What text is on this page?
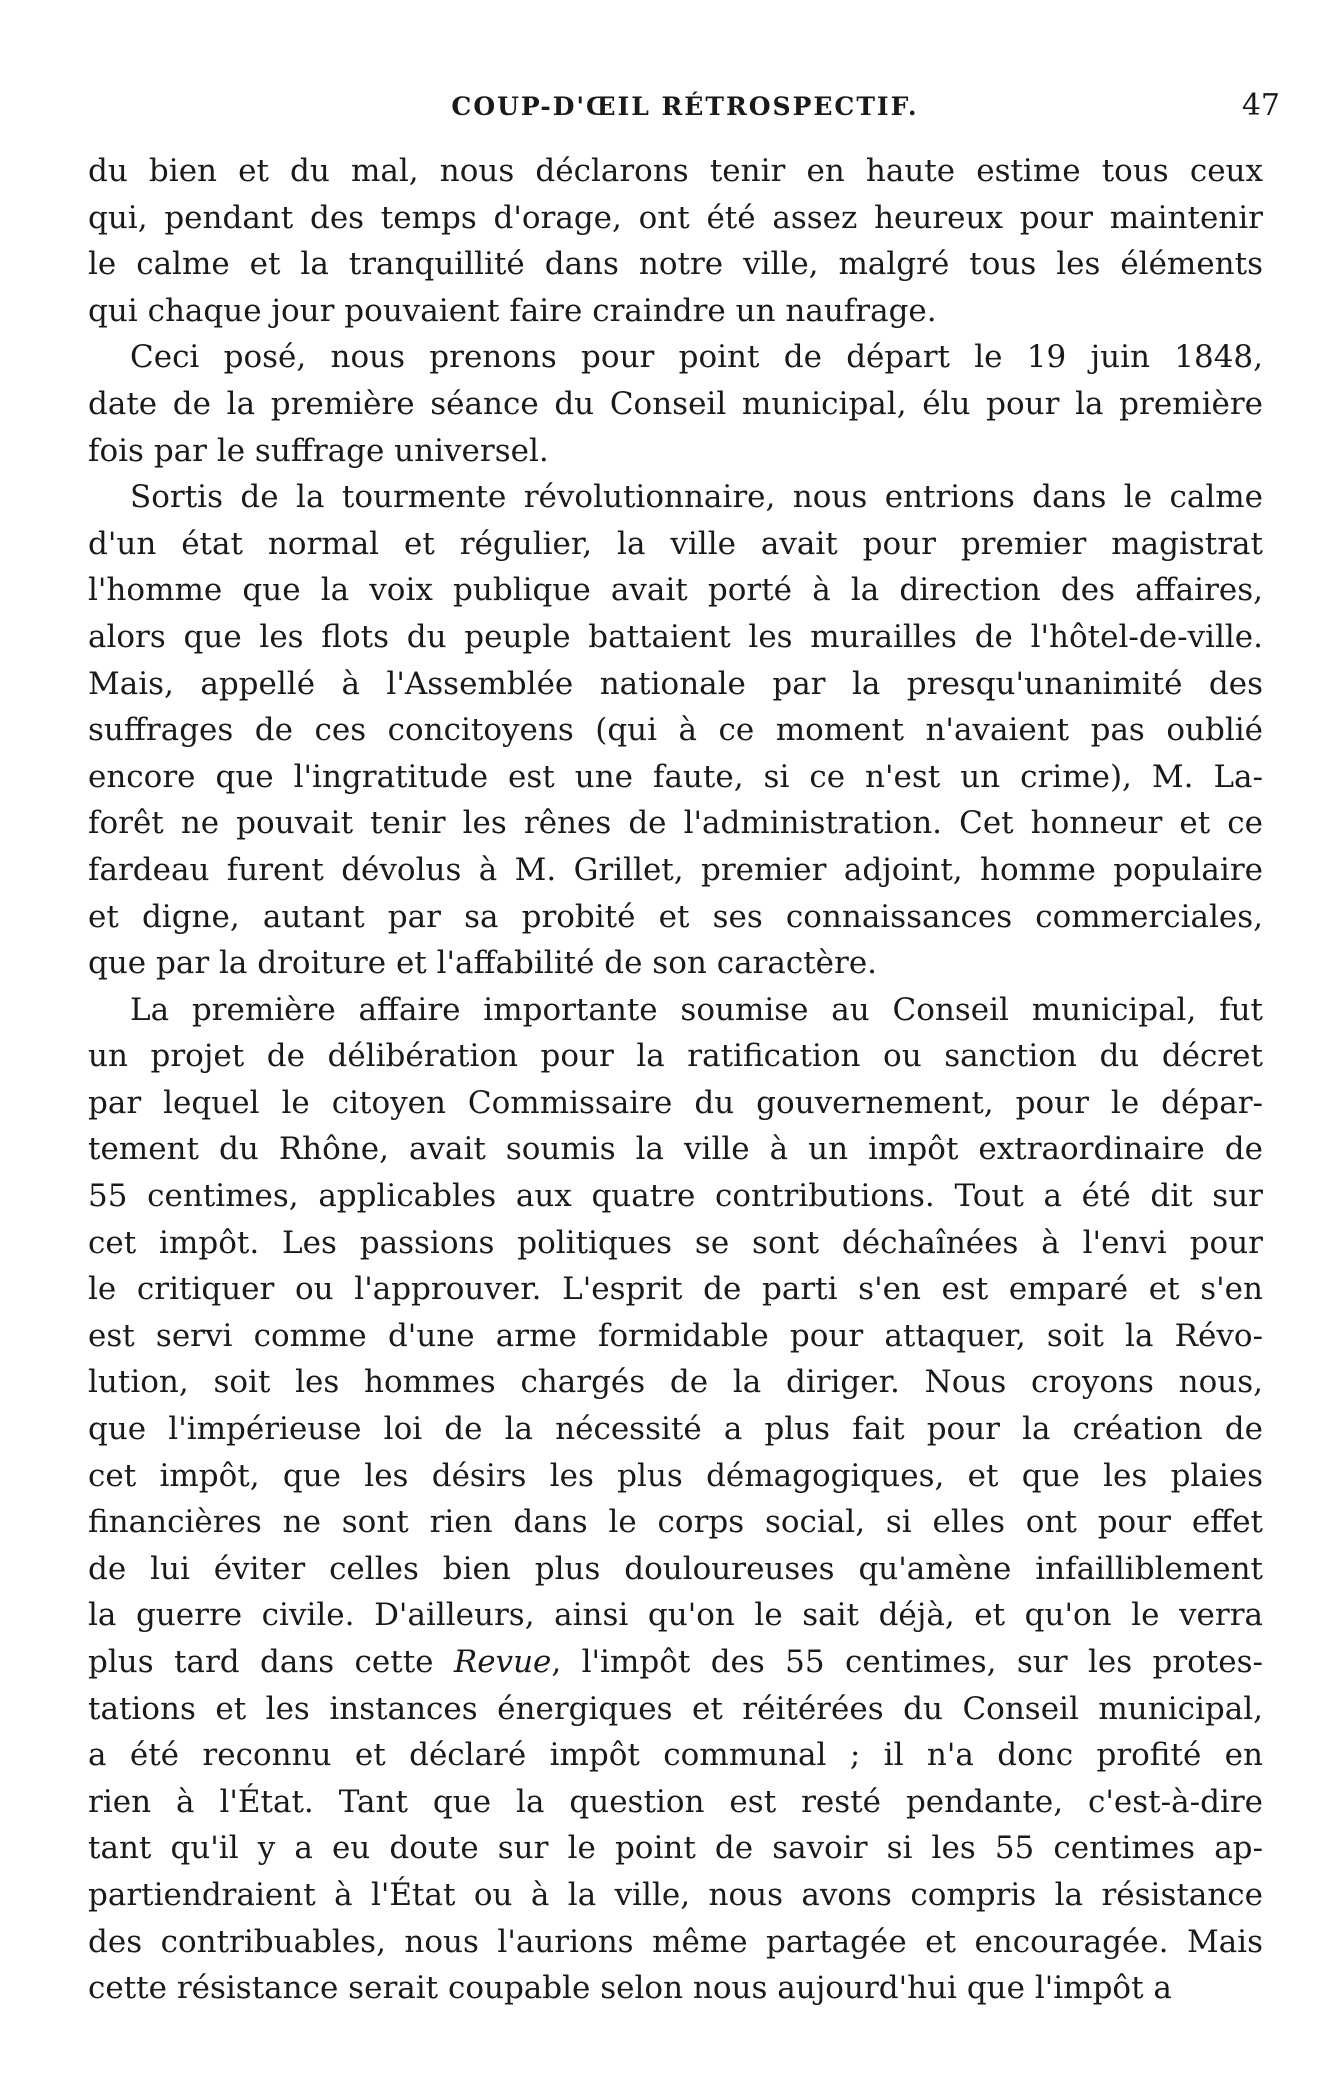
COUP-D'ŒIL RÉTROSPECTIF.	47
du bien et du mal, nous déclarons tenir en haute estime tous ceux
qui, pendant des temps d'orage, ont été assez heureux pour maintenir
le calme et la tranquillité dans notre ville, malgré tous les éléments
qui chaque jour pouvaient faire craindre un naufrage.
Ceci posé, nous prenons pour point de départ le 19 juin 1848,
date de la première séance du Conseil municipal, élu pour la première
fois par le suffrage universel.
Sortis de la tourmente révolutionnaire, nous entrions dans le calme
d'un état normal et régulier, la ville avait pour premier magistrat
l'homme que la voix publique avait porté à la direction des affaires,
alors que les flots du peuple battaient les murailles de l'hôtel-de-ville.
Mais, appellé à l'Assemblée nationale par la presqu'unanimité des
suffrages de ces concitoyens (qui à ce moment n'avaient pas oublié
encore que l'ingratitude est une faute, si ce n'est un crime), M. La-
forêt ne pouvait tenir les rênes de l'administration. Cet honneur et ce
fardeau furent dévolus à M. Grillet, premier adjoint, homme populaire
et digne, autant par sa probité et ses connaissances commerciales,
que par la droiture et l'affabilité de son caractère.
La première affaire importante soumise au Conseil municipal, fut
un projet de délibération pour la ratification ou sanction du décret
par lequel le citoyen Commissaire du gouvernement, pour le dépar-
tement du Rhône, avait soumis la ville à un impôt extraordinaire de
55 centimes, applicables aux quatre contributions. Tout a été dit sur
cet impôt. Les passions politiques se sont déchaînées à l'envi pour
le critiquer ou l'approuver. L'esprit de parti s'en est emparé et s'en
est servi comme d'une arme formidable pour attaquer, soit la Révo-
lution, soit les hommes chargés de la diriger. Nous croyons nous,
que l'impérieuse loi de la nécessité a plus fait pour la création de
cet impôt, que les désirs les plus démagogiques, et que les plaies
financières ne sont rien dans le corps social, si elles ont pour effet
de lui éviter celles bien plus douloureuses qu'amène infailliblement
la guerre civile. D'ailleurs, ainsi qu'on le sait déjà, et qu'on le verra
plus tard dans cette Revue, l'impôt des 55 centimes, sur les protes-
tations et les instances énergiques et réitérées du Conseil municipal,
a été reconnu et déclaré impôt communal ; il n'a donc profité en
rien à l'État. Tant que la question est resté pendante, c'est-à-dire
tant qu'il y a eu doute sur le point de savoir si les 55 centimes ap-
partiendraient à l'État ou à la ville, nous avons compris la résistance
des contribuables, nous l'aurions même partagée et encouragée. Mais
cette résistance serait coupable selon nous aujourd'hui que l'impôt a
